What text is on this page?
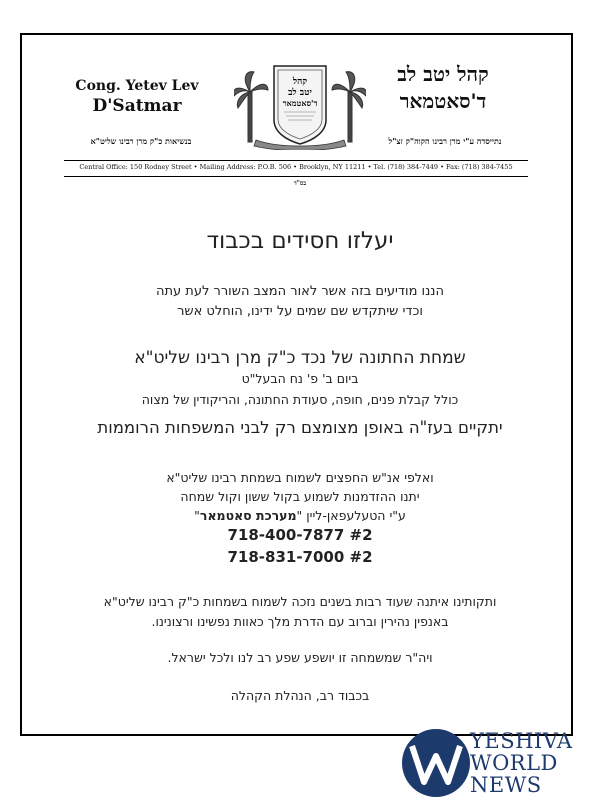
Cong. Yetev Lev
D'Satmar
קהל יטב לב
ד'סאטמאר
קהל
יטב לב
ד'סאטמאר
בנשיאות כ"ק מרן רבינו שליט"א	נתייסדה ע"י מרן רבינו הקוה"ק זצ"ל
Central Office: 150 Rodney Street • Mailing Address: P.O.B. 506 • Brooklyn, NY 11211 • Tel. (718) 384-7449 • Fax: (718) 384-7455
בס"ד
יעלזו חסידים בכבוד
הננו מודיעים בזה אשר לאור המצב השורר לעת עתה
וכדי שיתקדש שם שמים על ידינו, הוחלט אשר
שמחת החתונה של נכד כ"ק מרן רבינו שליט"א
ביום ב' פ' נח הבעל"ט
כולל קבלת פנים, חופה, סעודת החתונה, והריקודין של מצוה
יתקיים בעז"ה באופן מצומצם רק לבני המשפחות הרוממות
ואלפי אנ"ש החפצים לשמוח בשמחת רבינו שליט"א
יתנו ההזדמנות לשמוע בקול ששון וקול שמחה
ע"י הטעלעפאן-ליין "מערכת סאטמאר"
718-400-7877 #2
718-831-7000 #2
ותקותינו איתנה שעוד רבות בשנים נזכה לשמוח בשמחות כ"ק רבינו שליט"א
באנפין נהירין וברוב עם הדרת מלך כאוות נפשינו ורצונינו.
ויה"ר שמשמחה זו יושפע שפע רב לנו ולכל ישראל.
בכבוד רב, הנהלת הקהלה
YESHIVA
WORLD
NEWS
